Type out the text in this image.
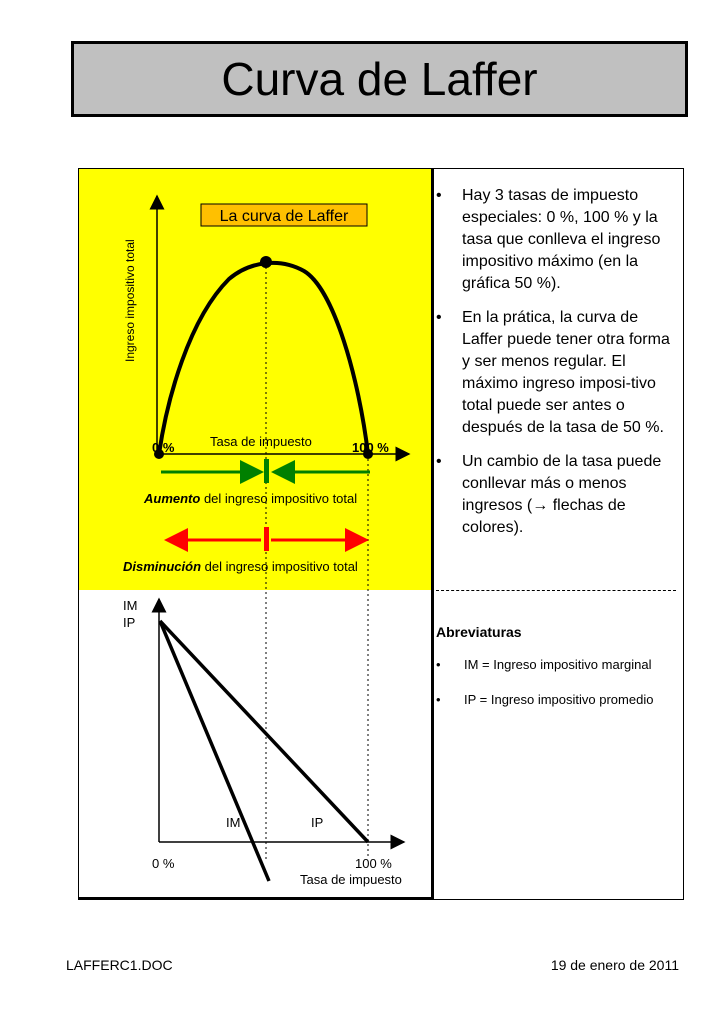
Curva de Laffer
La curva de Laffer
Ingreso impositivo total
0 %	Tasa de impuesto	100 %
Aumento del ingreso impositivo total
Disminución del ingreso impositivo total
IM
IP
IM	IP
0 %	100 %
Tasa de impuesto
• Hay 3 tasas de impuesto especiales: 0 %, 100 % y la tasa que conlleva el ingreso impositivo máximo (en la gráfica 50 %).
• En la prática, la curva de Laffer puede tener otra forma y ser menos regular. El máximo ingreso imposi-tivo total puede ser antes o después de la tasa de 50 %.
• Un cambio de la tasa puede conllevar más o menos ingresos (→ flechas de colores).
Abreviaturas
• IM = Ingreso impositivo marginal
• IP = Ingreso impositivo promedio
LAFFERC1.DOC	19 de enero de 2011
